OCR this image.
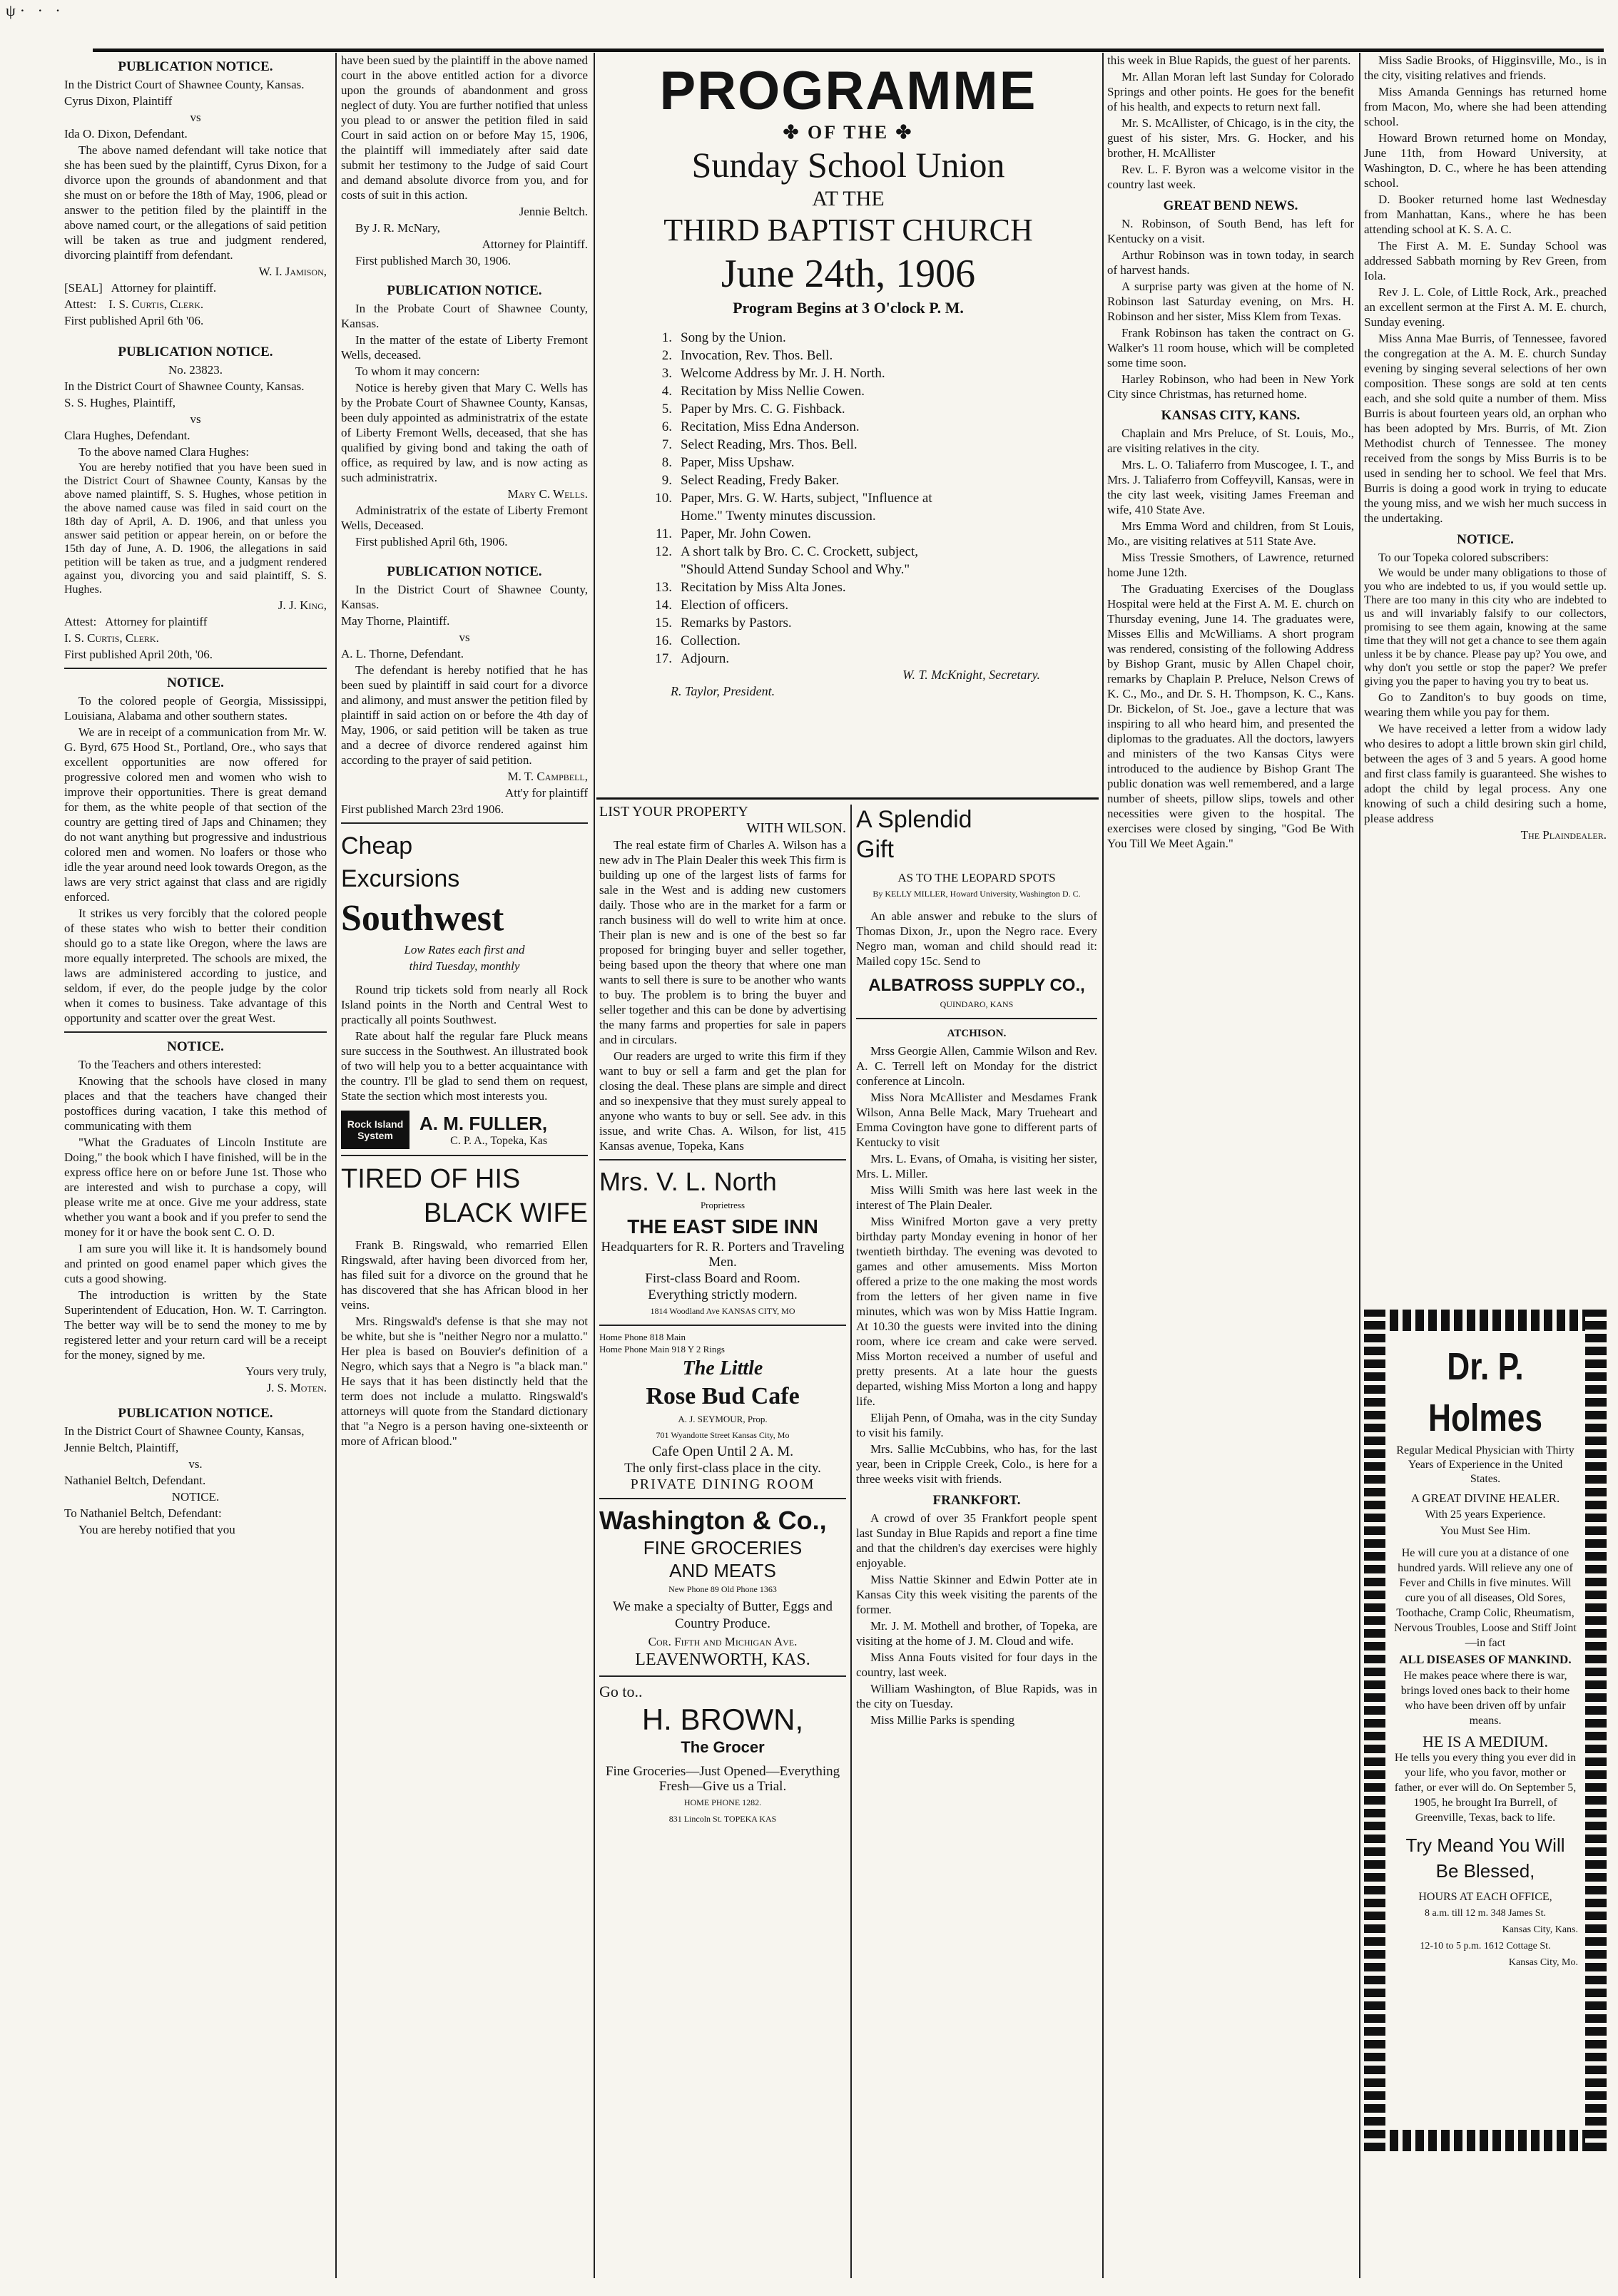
ψ· · ·
PUBLICATION NOTICE.

In the District Court of Shawnee County, Kansas.

Cyrus Dixon, Plaintiff

vs

Ida O. Dixon, Defendant.

The above named defendant will take notice that she has been sued by the plaintiff, Cyrus Dixon, for a divorce upon the grounds of abandonment and that she must on or before the 18th of May, 1906, plead or answer to the petition filed by the plaintiff in the above named court, or the allegations of said petition will be taken as true and judgment rendered, divorcing plaintiff from defendant.

W. I. Jamison,

[SEAL] Attorney for plaintiff.

Attest: I. S. Curtis, Clerk.

First published April 6th '06.

PUBLICATION NOTICE.

No. 23823.

In the District Court of Shawnee County, Kansas.

S. S. Hughes, Plaintiff,

vs

Clara Hughes, Defendant.

To the above named Clara Hughes:

You are hereby notified that you have been sued in the District Court of Shawnee County, Kansas by the above named plaintiff, S. S. Hughes, whose petition in the above named cause was filed in said court on the 18th day of April, A. D. 1906, and that unless you answer said petition or appear herein, on or before the 15th day of June, A. D. 1906, the allegations in said petition will be taken as true, and a judgment rendered against you, divorcing you and said plaintiff, S. S. Hughes.

J. J. King,

Attest: Attorney for plaintiff

I. S. Curtis, Clerk.

First published April 20th, '06.

NOTICE.

To the colored people of Georgia, Mississippi, Louisiana, Alabama and other southern states.

We are in receipt of a communication from Mr. W. G. Byrd, 675 Hood St., Portland, Ore., who says that excellent opportunities are now offered for progressive colored men and women who wish to improve their opportunities. There is great demand for them, as the white people of that section of the country are getting tired of Japs and Chinamen; they do not want anything but progressive and industrious colored men and women. No loafers or those who idle the year around need look towards Oregon, as the laws are very strict against that class and are rigidly enforced.

It strikes us very forcibly that the colored people of these states who wish to better their condition should go to a state like Oregon, where the laws are more equally interpreted. The schools are mixed, the laws are administered according to justice, and seldom, if ever, do the people judge by the color when it comes to business. Take advantage of this opportunity and scatter over the great West.

NOTICE.

To the Teachers and others interested:

Knowing that the schools have closed in many places and that the teachers have changed their postoffices during vacation, I take this method of communicating with them

"What the Graduates of Lincoln Institute are Doing," the book which I have finished, will be in the express office here on or before June 1st. Those who are interested and wish to purchase a copy, will please write me at once. Give me your address, state whether you want a book and if you prefer to send the money for it or have the book sent C. O. D.

I am sure you will like it. It is handsomely bound and printed on good enamel paper which gives the cuts a good showing.

The introduction is written by the State Superintendent of Education, Hon. W. T. Carrington. The better way will be to send the money to me by registered letter and your return card will be a receipt for the money, signed by me.

Yours very truly,

J. S. Moten.

PUBLICATION NOTICE.

In the District Court of Shawnee County, Kansas,

Jennie Beltch, Plaintiff,

vs.

Nathaniel Beltch, Defendant.

NOTICE.

To Nathaniel Beltch, Defendant:

You are hereby notified that you

have been sued by the plaintiff in the above named court in the above entitled action for a divorce upon the grounds of abandonment and gross neglect of duty. You are further notified that unless you plead to or answer the petition filed in said Court in said action on or before May 15, 1906, the plaintiff will immediately after said date submit her testimony to the Judge of said Court and demand absolute divorce from you, and for costs of suit in this action.

Jennie Beltch.

By J. R. McNary,

Attorney for Plaintiff.

First published March 30, 1906.

PUBLICATION NOTICE.

In the Probate Court of Shawnee County, Kansas.

In the matter of the estate of Liberty Fremont Wells, deceased.

To whom it may concern:

Notice is hereby given that Mary C. Wells has by the Probate Court of Shawnee County, Kansas, been duly appointed as administratrix of the estate of Liberty Fremont Wells, deceased, that she has qualified by giving bond and taking the oath of office, as required by law, and is now acting as such administratrix.

Mary C. Wells.

Administratrix of the estate of Liberty Fremont Wells, Deceased.

First published April 6th, 1906.

PUBLICATION NOTICE.

In the District Court of Shawnee County, Kansas.

May Thorne, Plaintiff.

vs

A. L. Thorne, Defendant.

The defendant is hereby notified that he has been sued by plaintiff in said court for a divorce and alimony, and must answer the petition filed by plaintiff in said action on or before the 4th day of May, 1906, or said petition will be taken as true and a decree of divorce rendered against him according to the prayer of said petition.

M. T. Campbell,

Att'y for plaintiff

First published March 23rd 1906.

Cheap
Excursions
Southwest

Low Rates each first and

third Tuesday, monthly

Round trip tickets sold from nearly all Rock Island points in the North and Central West to practically all points Southwest.

Rate about half the regular fare Pluck means sure success in the Southwest. An illustrated book of two will help you to a better acquaintance with the country. I'll be glad to send them on request, State the section which most interests you.

Rock Island
System
A. M. FULLER,
C. P. A., Topeka, Kas
TIRED OF HIS
BLACK WIFE

Frank B. Ringswald, who remarried Ellen Ringswald, after having been divorced from her, has filed suit for a divorce on the ground that he has discovered that she has African blood in her veins.

Mrs. Ringswald's defense is that she may not be white, but she is "neither Negro nor a mulatto." Her plea is based on Bouvier's definition of a Negro, which says that a Negro is "a black man." He says that it has been distinctly held that the term does not include a mulatto. Ringswald's attorneys will quote from the Standard dictionary that "a Negro is a person having one-sixteenth or more of African blood."

PROGRAMME
✤ OF THE ✤
Sunday School Union
AT THE
THIRD BAPTIST CHURCH
June 24th, 1906
Program Begins at 3 O'clock P. M.
1. Song by the Union.
2. Invocation, Rev. Thos. Bell.
3. Welcome Address by Mr. J. H. North.
4. Recitation by Miss Nellie Cowen.
5. Paper by Mrs. C. G. Fishback.
6. Recitation, Miss Edna Anderson.
7. Select Reading, Mrs. Thos. Bell.
8. Paper, Miss Upshaw.
9. Select Reading, Fredy Baker.
10. Paper, Mrs. G. W. Harts, subject, "Influence at
Home." Twenty minutes discussion.
11. Paper, Mr. John Cowen.
12. A short talk by Bro. C. C. Crockett, subject,
"Should Attend Sunday School and Why."
13. Recitation by Miss Alta Jones.
14. Election of officers.
15. Remarks by Pastors.
16. Collection.
17. Adjourn.

W. T. McKnight, Secretary.

R. Taylor, President.

LIST YOUR PROPERTY

WITH WILSON.

The real estate firm of Charles A. Wilson has a new adv in The Plain Dealer this week This firm is building up one of the largest lists of farms for sale in the West and is adding new customers daily. Those who are in the market for a farm or ranch business will do well to write him at once. Their plan is new and is one of the best so far proposed for bringing buyer and seller together, being based upon the theory that where one man wants to sell there is sure to be another who wants to buy. The problem is to bring the buyer and seller together and this can be done by advertising the many farms and properties for sale in papers and in circulars.

Our readers are urged to write this firm if they want to buy or sell a farm and get the plan for closing the deal. These plans are simple and direct and so inexpensive that they must surely appeal to anyone who wants to buy or sell. See adv. in this issue, and write Chas. A. Wilson, for list, 415 Kansas avenue, Topeka, Kans

Mrs. V. L. North

Proprietress

THE EAST SIDE INN

Headquarters for R. R. Porters and Traveling Men.

First-class Board and Room.

Everything strictly modern.

1814 Woodland Ave KANSAS CITY, MO

Home Phone 818 Main

Home Phone Main 918 Y 2 Rings

The Little
Rose Bud Cafe

A. J. SEYMOUR, Prop.

701 Wyandotte Street Kansas City, Mo

Cafe Open Until 2 A. M.

The only first-class place in the city.

PRIVATE DINING ROOM

Washington & Co.,
FINE GROCERIES
AND MEATS

New Phone 89 Old Phone 1363

We make a specialty of Butter, Eggs and Country Produce.

Cor. Fifth and Michigan Ave.

LEAVENWORTH, KAS.
Go to..
H. BROWN,
The Grocer

Fine Groceries—Just Opened—Everything Fresh—Give us a Trial.

HOME PHONE 1282.

831 Lincoln St. TOPEKA KAS

A Splendid
Gift

AS TO THE LEOPARD SPOTS

By KELLY MILLER, Howard University, Washington D. C.

An able answer and rebuke to the slurs of Thomas Dixon, Jr., upon the Negro race. Every Negro man, woman and child should read it: Mailed copy 15c. Send to

ALBATROSS SUPPLY CO.,

QUINDARO, KANS

ATCHISON.

Mrss Georgie Allen, Cammie Wilson and Rev. A. C. Terrell left on Monday for the district conference at Lincoln.

Miss Nora McAllister and Mesdames Frank Wilson, Anna Belle Mack, Mary Trueheart and Emma Covington have gone to different parts of Kentucky to visit

Mrs. L. Evans, of Omaha, is visiting her sister, Mrs. L. Miller.

Miss Willi Smith was here last week in the interest of The Plain Dealer.

Miss Winifred Morton gave a very pretty birthday party Monday evening in honor of her twentieth birthday. The evening was devoted to games and other amusements. Miss Morton offered a prize to the one making the most words from the letters of her given name in five minutes, which was won by Miss Hattie Ingram. At 10.30 the guests were invited into the dining room, where ice cream and cake were served. Miss Morton received a number of useful and pretty presents. At a late hour the guests departed, wishing Miss Morton a long and happy life.

Elijah Penn, of Omaha, was in the city Sunday to visit his family.

Mrs. Sallie McCubbins, who has, for the last year, been in Cripple Creek, Colo., is here for a three weeks visit with friends.

FRANKFORT.

A crowd of over 35 Frankfort people spent last Sunday in Blue Rapids and report a fine time and that the children's day exercises were highly enjoyable.

Miss Nattie Skinner and Edwin Potter ate in Kansas City this week visiting the parents of the former.

Mr. J. M. Mothell and brother, of Topeka, are visiting at the home of J. M. Cloud and wife.

Miss Anna Fouts visited for four days in the country, last week.

William Washington, of Blue Rapids, was in the city on Tuesday.

Miss Millie Parks is spending

this week in Blue Rapids, the guest of her parents.

Mr. Allan Moran left last Sunday for Colorado Springs and other points. He goes for the benefit of his health, and expects to return next fall.

Mr. S. McAllister, of Chicago, is in the city, the guest of his sister, Mrs. G. Hocker, and his brother, H. McAllister

Rev. L. F. Byron was a welcome visitor in the country last week.

GREAT BEND NEWS.

N. Robinson, of South Bend, has left for Kentucky on a visit.

Arthur Robinson was in town today, in search of harvest hands.

A surprise party was given at the home of N. Robinson last Saturday evening, on Mrs. H. Robinson and her sister, Miss Klem from Texas.

Frank Robinson has taken the contract on G. Walker's 11 room house, which will be completed some time soon.

Harley Robinson, who had been in New York City since Christmas, has returned home.

KANSAS CITY, KANS.

Chaplain and Mrs Preluce, of St. Louis, Mo., are visiting relatives in the city.

Mrs. L. O. Taliaferro from Muscogee, I. T., and Mrs. J. Taliaferro from Coffeyvill, Kansas, were in the city last week, visiting James Freeman and wife, 410 State Ave.

Mrs Emma Word and children, from St Louis, Mo., are visiting relatives at 511 State Ave.

Miss Tressie Smothers, of Lawrence, returned home June 12th.

The Graduating Exercises of the Douglass Hospital were held at the First A. M. E. church on Thursday evening, June 14. The graduates were, Misses Ellis and McWilliams. A short program was rendered, consisting of the following Address by Bishop Grant, music by Allen Chapel choir, remarks by Chaplain P. Preluce, Nelson Crews of K. C., Mo., and Dr. S. H. Thompson, K. C., Kans. Dr. Bickelon, of St. Joe., gave a lecture that was inspiring to all who heard him, and presented the diplomas to the graduates. All the doctors, lawyers and ministers of the two Kansas Citys were introduced to the audience by Bishop Grant The public donation was well remembered, and a large number of sheets, pillow slips, towels and other necessities were given to the hospital. The exercises were closed by singing, "God Be With You Till We Meet Again."

Miss Sadie Brooks, of Higginsville, Mo., is in the city, visiting relatives and friends.

Miss Amanda Gennings has returned home from Macon, Mo, where she had been attending school.

Howard Brown returned home on Monday, June 11th, from Howard University, at Washington, D. C., where he has been attending school.

D. Booker returned home last Wednesday from Manhattan, Kans., where he has been attending school at K. S. A. C.

The First A. M. E. Sunday School was addressed Sabbath morning by Rev Green, from Iola.

Rev J. L. Cole, of Little Rock, Ark., preached an excellent sermon at the First A. M. E. church, Sunday evening.

Miss Anna Mae Burris, of Tennessee, favored the congregation at the A. M. E. church Sunday evening by singing several selections of her own composition. These songs are sold at ten cents each, and she sold quite a number of them. Miss Burris is about fourteen years old, an orphan who has been adopted by Mrs. Burris, of Mt. Zion Methodist church of Tennessee. The money received from the songs by Miss Burris is to be used in sending her to school. We feel that Mrs. Burris is doing a good work in trying to educate the young miss, and we wish her much success in the undertaking.

NOTICE.

To our Topeka colored subscribers:

We would be under many obligations to those of you who are indebted to us, if you would settle up. There are too many in this city who are indebted to us and will invariably falsify to our collectors, promising to see them again, knowing at the same time that they will not get a chance to see them again unless it be by chance. Please pay up? You owe, and why don't you settle or stop the paper? We prefer giving you the paper to having you try to beat us.

Go to Zanditon's to buy goods on time, wearing them while you pay for them.

We have received a letter from a widow lady who desires to adopt a little brown skin girl child, between the ages of 3 and 5 years. A good home and first class family is guaranteed. She wishes to adopt the child by legal process. Any one knowing of such a child desiring such a home, please address

The Plaindealer.

Dr. P. Holmes

Regular Medical Physician with Thirty Years of Experience in the United States.

A GREAT DIVINE HEALER.

With 25 years Experience.

You Must See Him.

He will cure you at a distance of one hundred yards. Will relieve any one of Fever and Chills in five minutes. Will cure you of all diseases, Old Sores, Toothache, Cramp Colic, Rheumatism, Nervous Troubles, Loose and Stiff Joint—in fact

ALL DISEASES OF MANKIND.

He makes peace where there is war, brings loved ones back to their home who have been driven off by unfair means.

HE IS A MEDIUM.

He tells you every thing you ever did in your life, who you favor, mother or father, or ever will do. On September 5, 1905, he brought Ira Burrell, of Greenville, Texas, back to life.

Try Meand You Will
Be Blessed,

HOURS AT EACH OFFICE,

8 a.m. till 12 m. 348 James St.

Kansas City, Kans.

12-10 to 5 p.m. 1612 Cottage St.

Kansas City, Mo.
